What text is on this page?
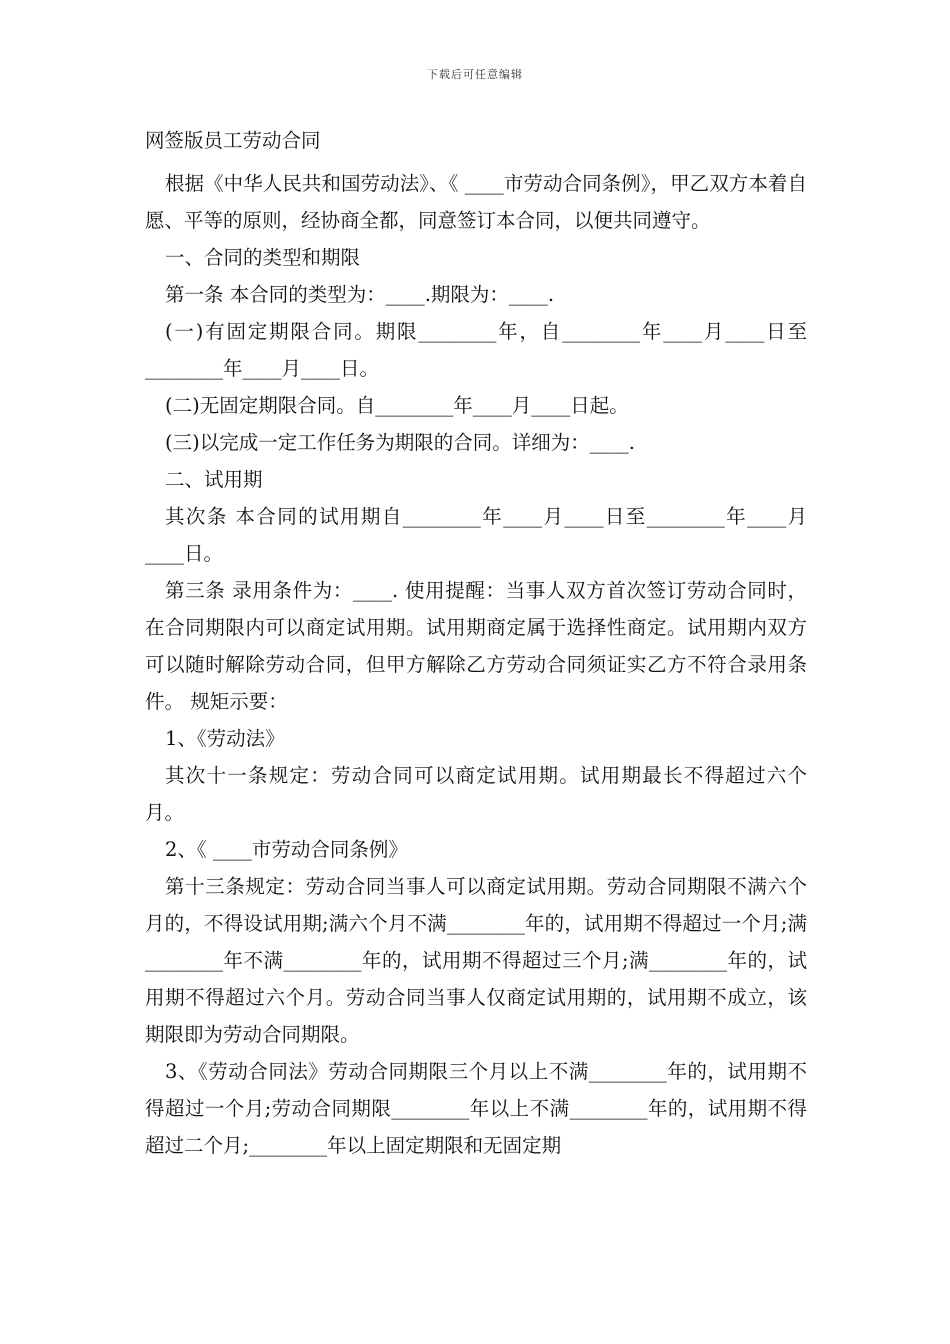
下载后可任意编辑

网签版员工劳动合同

根据《中华人民共和国劳动法》、《 ____市劳动合同条例》，甲乙双方本着自愿、平等的原则，经协商全都，同意签订本合同，以便共同遵守。

一、合同的类型和期限

第一条 本合同的类型为：____.期限为：____.

(一)有固定期限合同。期限________年，自________年____月____日至________年____月____日。

(二)无固定期限合同。自________年____月____日起。

(三)以完成一定工作任务为期限的合同。详细为：____.

二、试用期

其次条 本合同的试用期自________年____月____日至________年____月____日。

第三条 录用条件为：____. 使用提醒：当事人双方首次签订劳动合同时，在合同期限内可以商定试用期。试用期商定属于选择性商定。试用期内双方可以随时解除劳动合同，但甲方解除乙方劳动合同须证实乙方不符合录用条件。 规矩示要：

1、《劳动法》

其次十一条规定：劳动合同可以商定试用期。试用期最长不得超过六个月。

2、《 ____市劳动合同条例》

第十三条规定：劳动合同当事人可以商定试用期。劳动合同期限不满六个月的，不得设试用期;满六个月不满________年的，试用期不得超过一个月;满________年不满________年的，试用期不得超过三个月;满________年的，试用期不得超过六个月。劳动合同当事人仅商定试用期的，试用期不成立，该期限即为劳动合同期限。

3、《劳动合同法》劳动合同期限三个月以上不满________年的，试用期不得超过一个月;劳动合同期限________年以上不满________年的，试用期不得超过二个月;________年以上固定期限和无固定期
